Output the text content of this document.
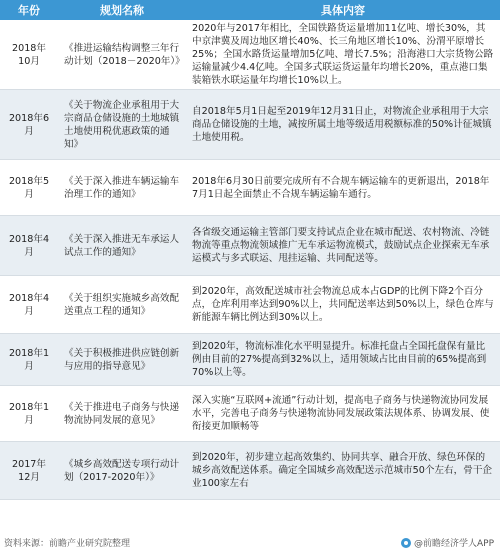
年份	规划名称	具体内容
2018年10月	《推进运输结构调整三年行动计划（2018－2020年）》	2020年与2017年相比，全国铁路货运量增加11亿吨、增长30%，其中京津冀及周边地区增长40%、长三角地区增长10%、汾渭平原增长25%；全国水路货运量增加5亿吨、增长7.5%；沿海港口大宗货物公路运输量减少4.4亿吨。全国多式联运货运量年均增长20%，重点港口集装箱铁水联运量年均增长10%以上。
2018年6月	《关于物流企业承租用于大宗商品仓储设施的土地城镇土地使用税优惠政策的通知》	自2018年5月1日起至2019年12月31日止，对物流企业承租用于大宗商品仓储设施的土地，减按所属土地等级适用税额标准的50%计征城镇土地使用税。
2018年5月	《关于深入推进车辆运输车治理工作的通知》	2018年6月30日前要完成所有不合规车辆运输车的更新退出，2018年7月1日起全面禁止不合规车辆运输车通行。
2018年4月	《关于深入推进无车承运人试点工作的通知》	各省级交通运输主管部门要支持试点企业在城市配送、农村物流、冷链物流等重点物流领域推广无车承运物流模式，鼓励试点企业探索无车承运模式与多式联运、甩挂运输、共同配送等。
2018年4月	《关于组织实施城乡高效配送重点工程的通知》	到2020年，高效配送城市社会物流总成本占GDP的比例下降2个百分点，仓库利用率达到90%以上，共同配送率达到50%以上，绿色仓库与新能源车辆比例达到30%以上。
2018年1月	《关于积极推进供应链创新与应用的指导意见》	到2020年，物流标准化水平明显提升。标准托盘占全国托盘保有量比例由目前的27%提高到32%以上，适用领域占比由目前的65%提高到70%以上等。
2018年1月	《关于推进电子商务与快递物流协同发展的意见》	深入实施“互联网+流通”行动计划，提高电子商务与快递物流协同发展水平，完善电子商务与快递物流协同发展政策法规体系、协调发展、使衔接更加顺畅等
2017年12月	《城乡高效配送专项行动计划（2017-2020年）》	到2020年，初步建立起高效集约、协同共享、融合开放、绿色环保的城乡高效配送体系。确定全国城乡高效配送示范城市50个左右，骨干企业100家左右
资料来源：前瞻产业研究院整理	@前瞻经济学人APP
